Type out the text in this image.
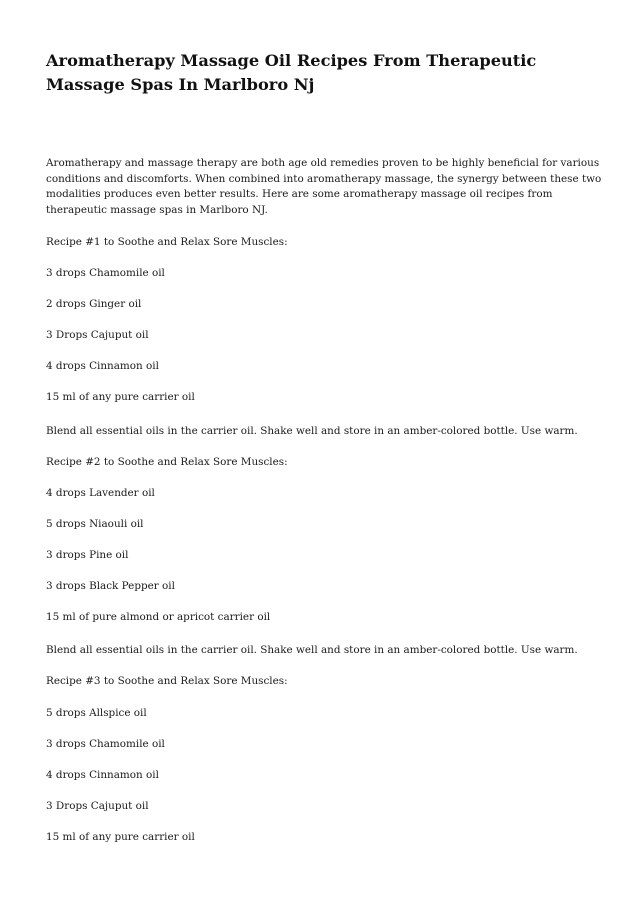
Aromatherapy Massage Oil Recipes From Therapeutic Massage Spas In Marlboro Nj

Aromatherapy and massage therapy are both age old remedies proven to be highly beneficial for various conditions and discomforts. When combined into aromatherapy massage, the synergy between these two modalities produces even better results. Here are some aromatherapy massage oil recipes from therapeutic massage spas in Marlboro NJ.

Recipe #1 to Soothe and Relax Sore Muscles:

3 drops Chamomile oil

2 drops Ginger oil

3 Drops Cajuput oil

4 drops Cinnamon oil

15 ml of any pure carrier oil

Blend all essential oils in the carrier oil. Shake well and store in an amber-colored bottle. Use warm.

Recipe #2 to Soothe and Relax Sore Muscles:

4 drops Lavender oil

5 drops Niaouli oil

3 drops Pine oil

3 drops Black Pepper oil

15 ml of pure almond or apricot carrier oil

Blend all essential oils in the carrier oil. Shake well and store in an amber-colored bottle. Use warm.

Recipe #3 to Soothe and Relax Sore Muscles:

5 drops Allspice oil

3 drops Chamomile oil

4 drops Cinnamon oil

3 Drops Cajuput oil

15 ml of any pure carrier oil
